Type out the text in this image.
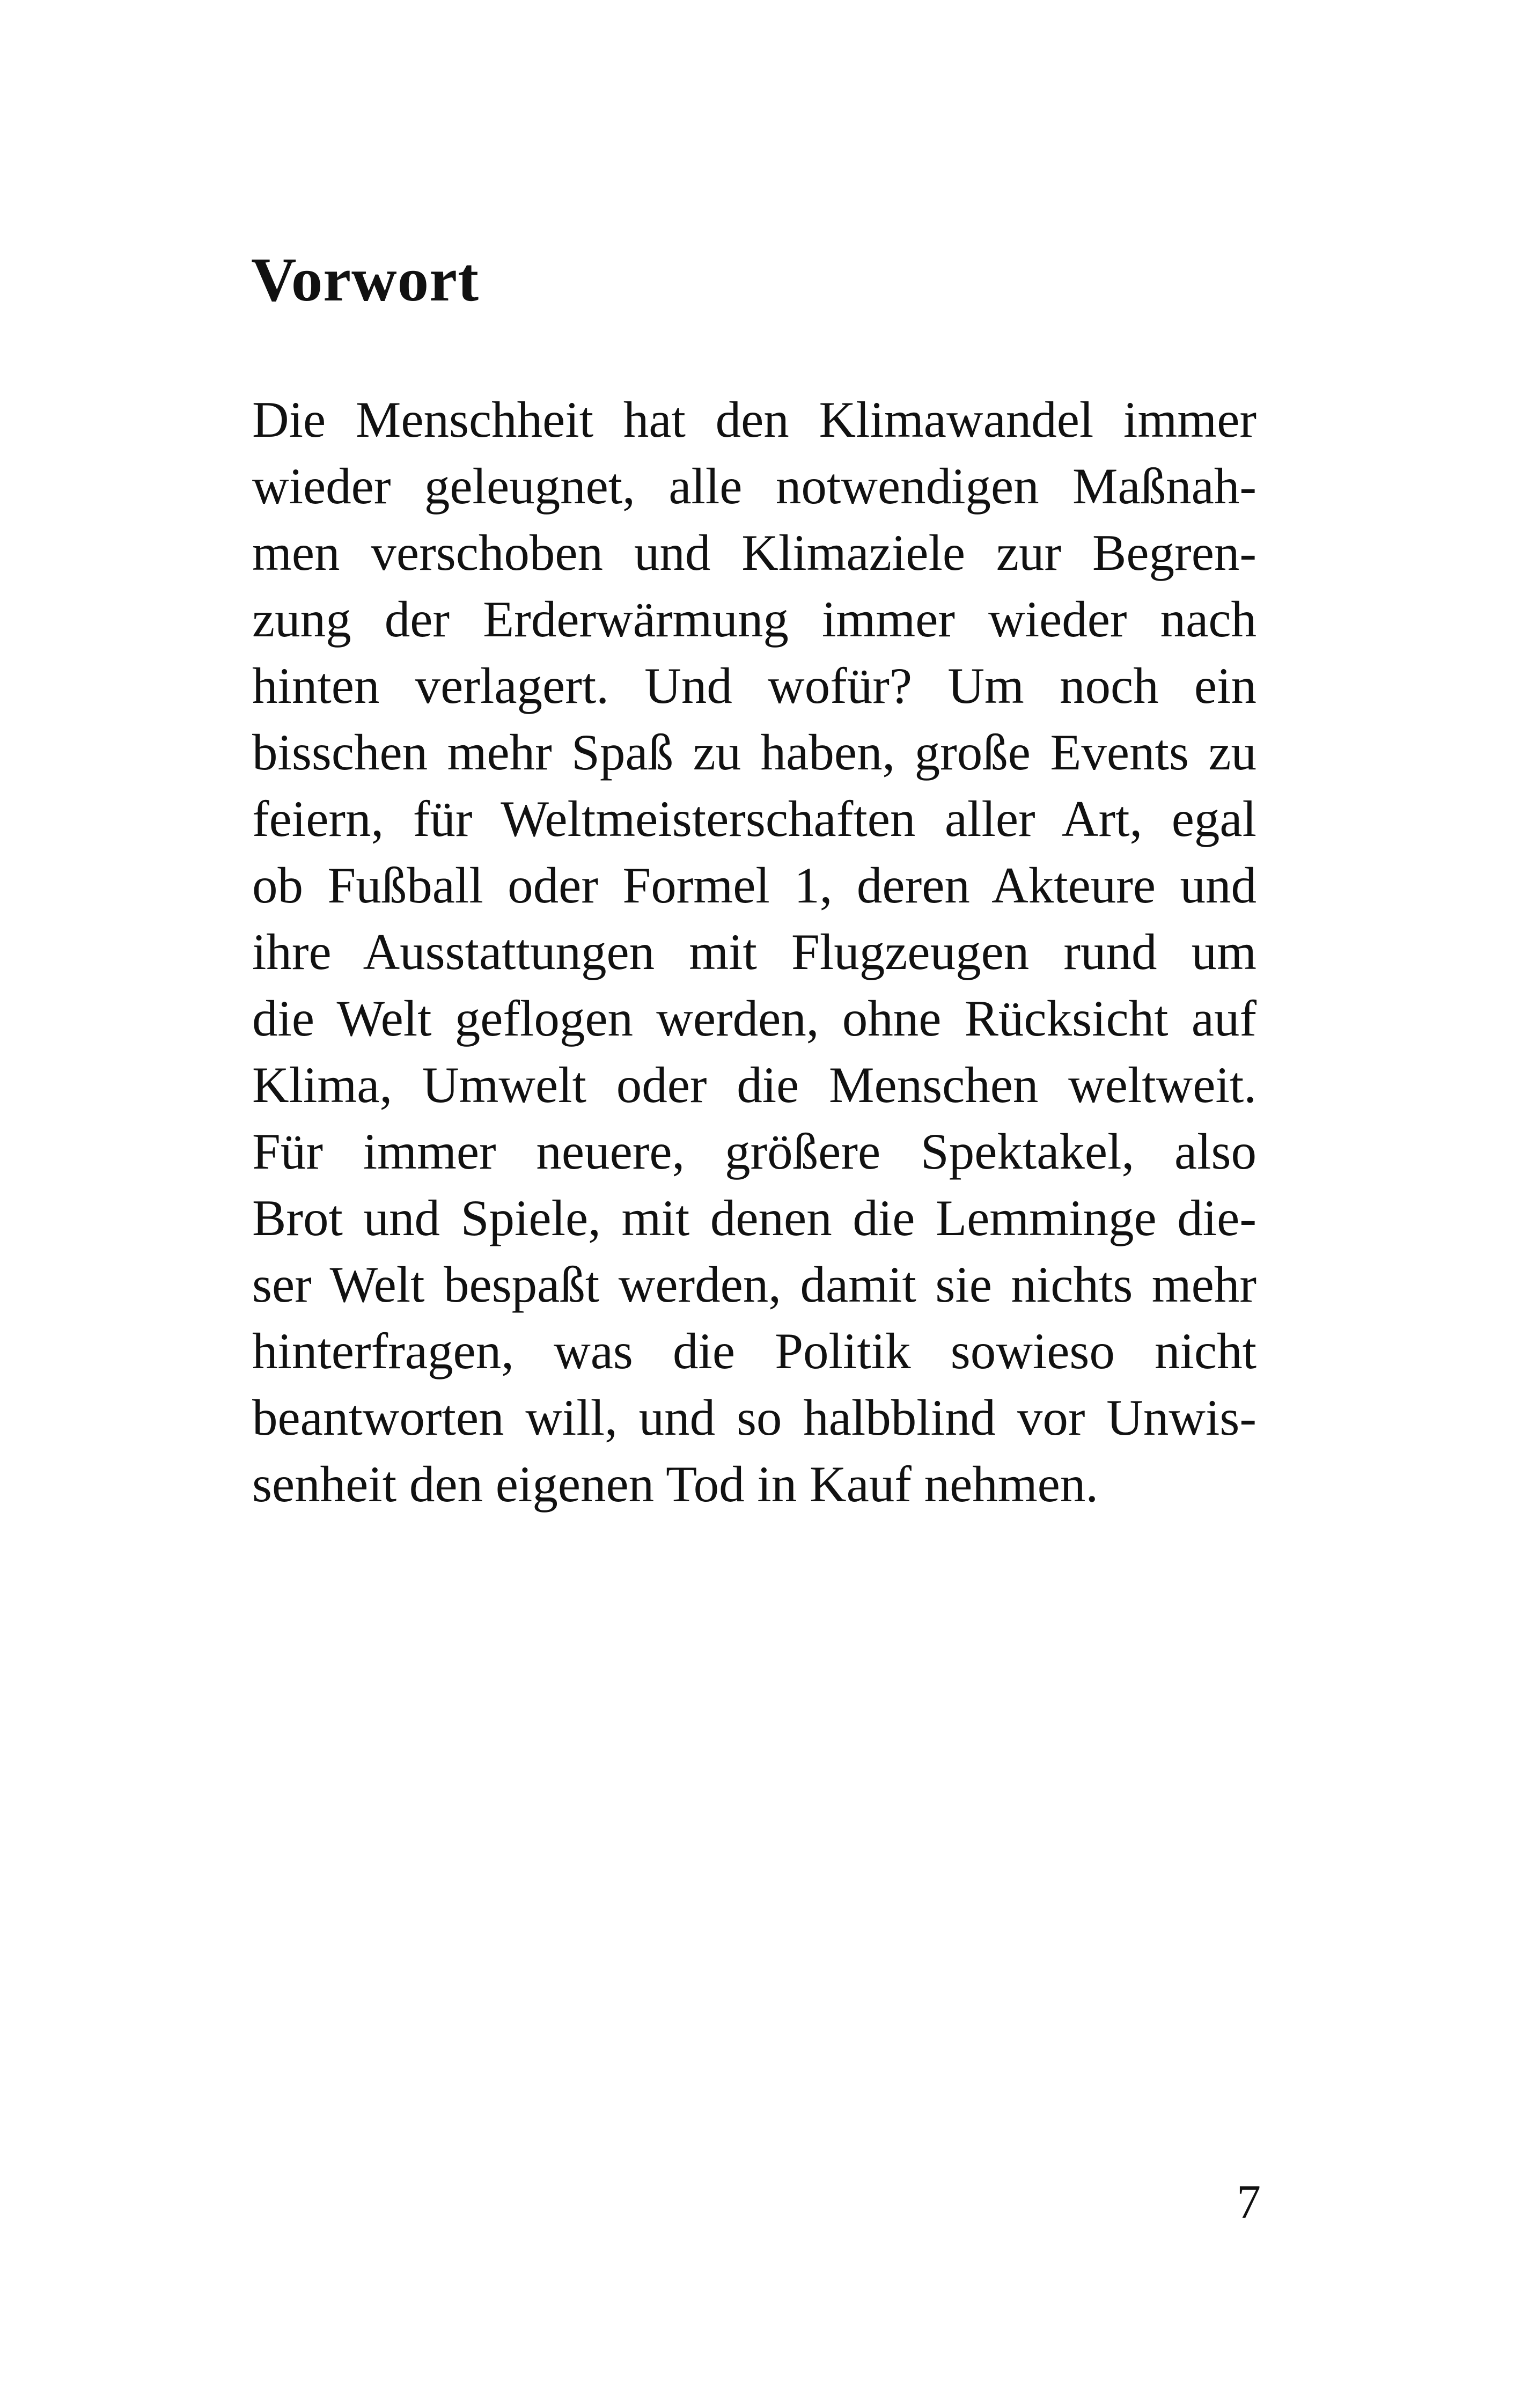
Vorwort
Die Menschheit hat den Klimawandel immer
wieder geleugnet, alle notwendigen Maßnah-
men verschoben und Klimaziele zur Begren-
zung der Erderwärmung immer wieder nach
hinten verlagert. Und wofür? Um noch ein
bisschen mehr Spaß zu haben, große Events zu
feiern, für Weltmeisterschaften aller Art, egal
ob Fußball oder Formel 1, deren Akteure und
ihre Ausstattungen mit Flugzeugen rund um
die Welt geflogen werden, ohne Rücksicht auf
Klima, Umwelt oder die Menschen weltweit.
Für immer neuere, größere Spektakel, also
Brot und Spiele, mit denen die Lemminge die-
ser Welt bespaßt werden, damit sie nichts mehr
hinterfragen, was die Politik sowieso nicht
beantworten will, und so halbblind vor Unwis-
senheit den eigenen Tod in Kauf nehmen.
7
